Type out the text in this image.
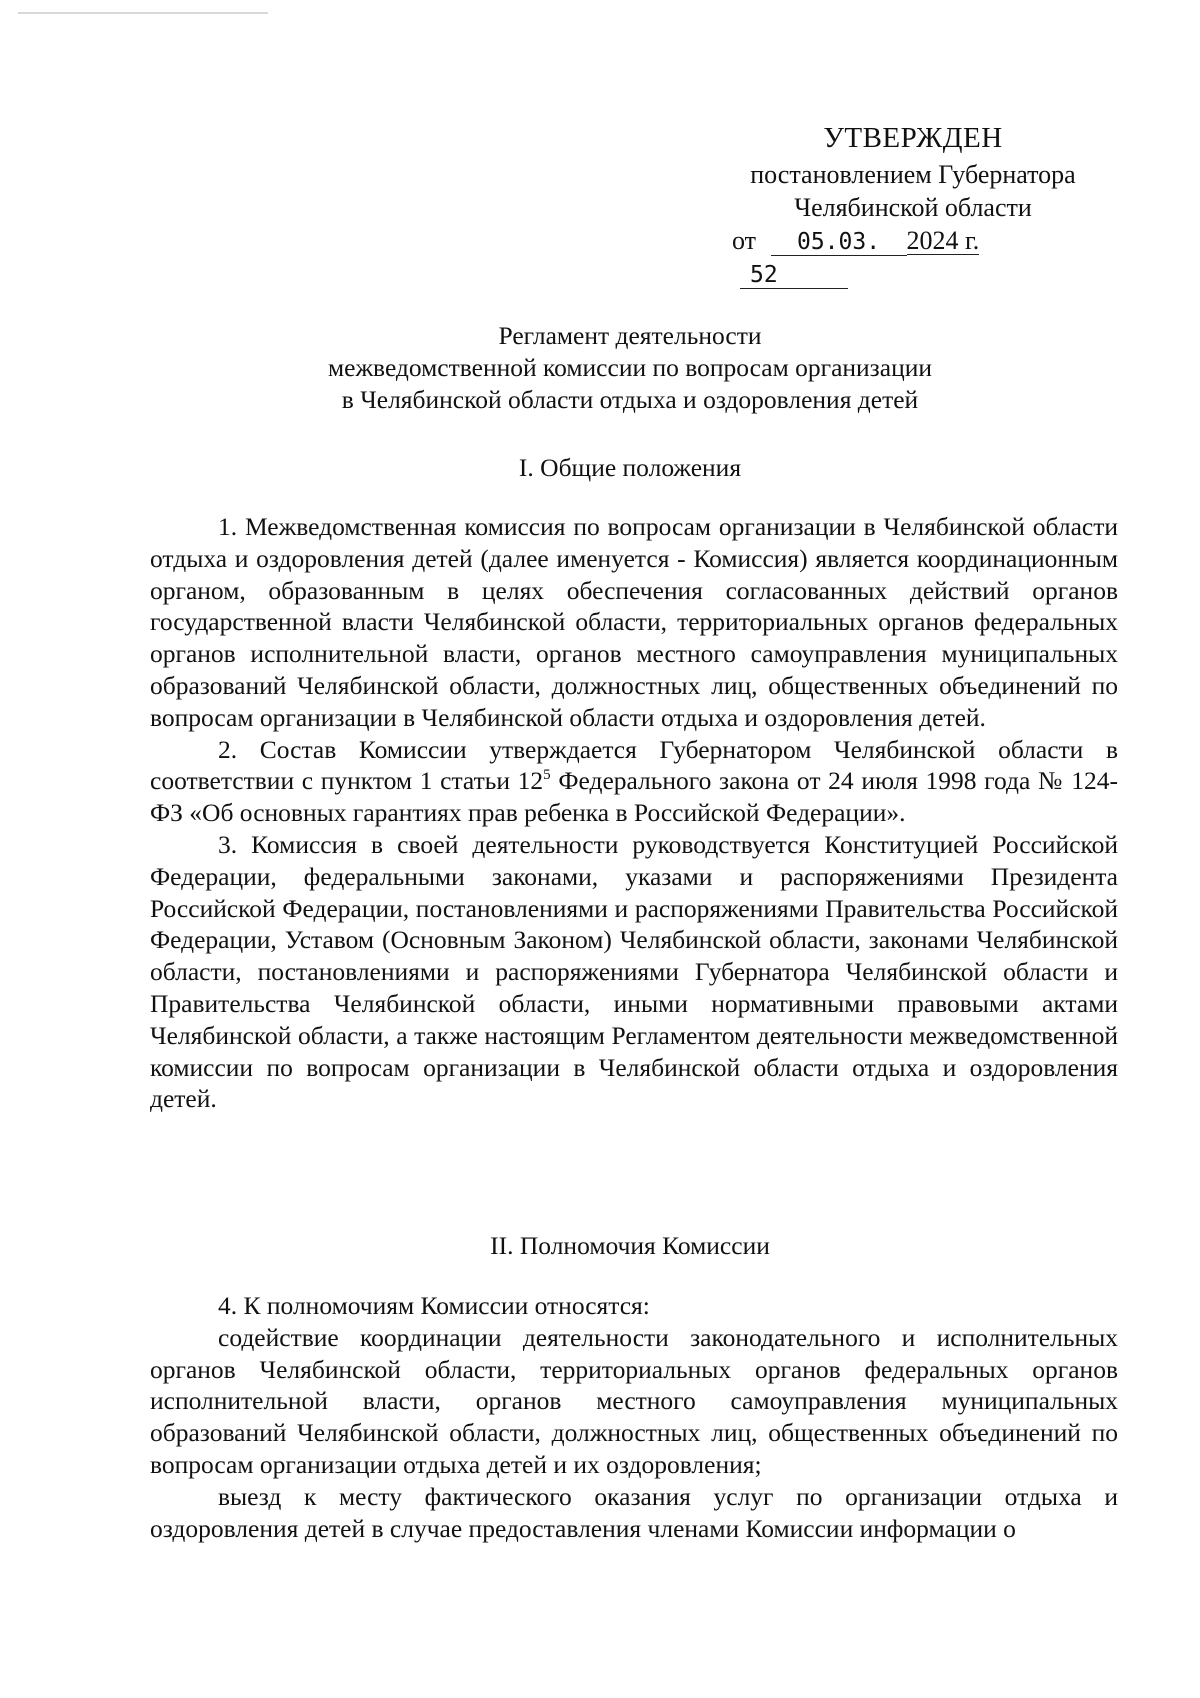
УТВЕРЖДЕН
постановлением Губернатора
Челябинской области
от 05.03. 2024 г. 52
Регламент деятельности
межведомственной комиссии по вопросам организации
в Челябинской области отдыха и оздоровления детей
I. Общие положения

1. Межведомственная комиссия по вопросам организации в Челябинской области отдыха и оздоровления детей (далее именуется - Комиссия) является координационным органом, образованным в целях обеспечения согласованных действий органов государственной власти Челябинской области, территориальных органов федеральных органов исполнительной власти, органов местного самоуправления муниципальных образований Челябинской области, должностных лиц, общественных объединений по вопросам организации в Челябинской области отдыха и оздоровления детей.

2. Состав Комиссии утверждается Губернатором Челябинской области в соответствии с пунктом 1 статьи $12^5$ Федерального закона от 24 июля 1998 года № 124-ФЗ «Об основных гарантиях прав ребенка в Российской Федерации».

3. Комиссия в своей деятельности руководствуется Конституцией Российской Федерации, федеральными законами, указами и распоряжениями Президента Российской Федерации, постановлениями и распоряжениями Правительства Российской Федерации, Уставом (Основным Законом) Челябинской области, законами Челябинской области, постановлениями и распоряжениями Губернатора Челябинской области и Правительства Челябинской области, иными нормативными правовыми актами Челябинской области, а также настоящим Регламентом деятельности межведомственной комиссии по вопросам организации в Челябинской области отдыха и оздоровления детей.

II. Полномочия Комиссии

4. К полномочиям Комиссии относятся:

содействие координации деятельности законодательного и исполнительных органов Челябинской области, территориальных органов федеральных органов исполнительной власти, органов местного самоуправления муниципальных образований Челябинской области, должностных лиц, общественных объединений по вопросам организации отдыха детей и их оздоровления;

выезд к месту фактического оказания услуг по организации отдыха и оздоровления детей в случае предоставления членами Комиссии информации о
